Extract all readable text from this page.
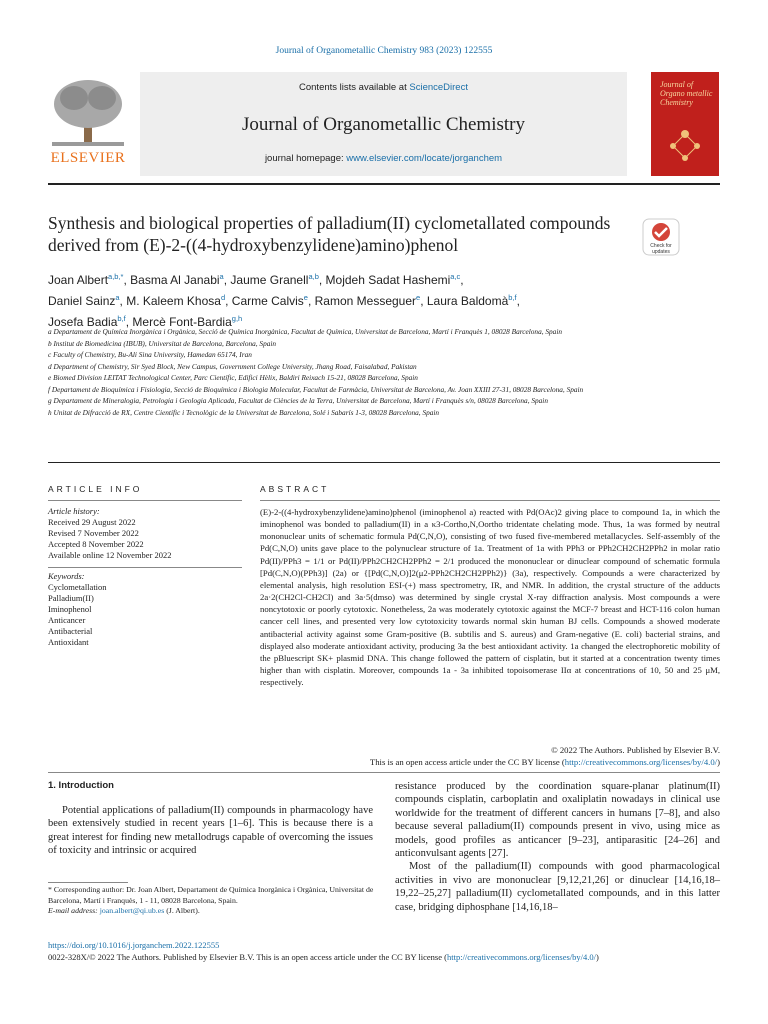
Journal of Organometallic Chemistry 983 (2023) 122555
ELSEVIER
Contents lists available at ScienceDirect
Journal of Organometallic Chemistry
journal homepage: www.elsevier.com/locate/jorganchem
Journal of Organo metallic Chemistry
Synthesis and biological properties of palladium(II) cyclometallated compounds derived from (E)-2-((4-hydroxybenzylidene)amino)phenol	Check for updates
Joan Albert$^{a,b,*}$, Basma Al Janabi$^a$, Jaume Granell$^{a,b}$, Mojdeh Sadat Hashemi$^{a,c}$,
Daniel Sainz$^a$, M. Kaleem Khosa$^d$, Carme Calvis$^e$, Ramon Messeguer$^e$, Laura Baldomà$^{b,f}$,
Josefa Badia$^{b,f}$, Mercè Font-Bardia$^{g,h}$
a Departament de Química Inorgànica i Orgànica, Secció de Química Inorgànica, Facultat de Química, Universitat de Barcelona, Martí i Franquès 1, 08028 Barcelona, Spain
b Institut de Biomedicina (IBUB), Universitat de Barcelona, Barcelona, Spain
c Faculty of Chemistry, Bu-Ali Sina University, Hamedan 65174, Iran
d Department of Chemistry, Sir Syed Block, New Campus, Government College University, Jhang Road, Faisalabad, Pakistan
e Biomed Division LEITAT Technological Center, Parc Científic, Edifici Hèlix, Baldiri Reixach 15-21, 08028 Barcelona, Spain
f Departament de Bioquímica i Fisiologia, Secció de Bioquímica i Biologia Molecular, Facultat de Farmàcia, Universitat de Barcelona, Av. Joan XXIII 27-31, 08028 Barcelona, Spain
g Departament de Mineralogia, Petrologia i Geologia Aplicada, Facultat de Ciències de la Terra, Universitat de Barcelona, Martí i Franquès s/n, 08028 Barcelona, Spain
h Unitat de Difracció de RX, Centre Científic i Tecnològic de la Universitat de Barcelona, Solé i Sabarís 1-3, 08028 Barcelona, Spain
ARTICLE INFO	ABSTRACT
Article history:
Received 29 August 2022
Revised 7 November 2022
Accepted 8 November 2022
Available online 12 November 2022
Keywords:
Cyclometallation
Palladium(II)
Iminophenol
Anticancer
Antibacterial
Antioxidant
(E)-2-((4-hydroxybenzylidene)amino)phenol (iminophenol a) reacted with Pd(OAc)2 giving place to compound 1a, in which the iminophenol was bonded to palladium(II) in a κ3-Cortho,N,Oortho tridentate chelating mode. Thus, 1a was formed by neutral mononuclear units of schematic formula Pd(C,N,O), consisting of two fused five-membered metallacycles. Self-assembly of the Pd(C,N,O) units gave place to the polynuclear structure of 1a. Treatment of 1a with PPh3 or PPh2CH2CH2PPh2 in molar ratio Pd(II)/PPh3 = 1/1 or Pd(II)/PPh2CH2CH2PPh2 = 2/1 produced the mononuclear or dinuclear compound of schematic formula [Pd(C,N,O)(PPh3)] (2a) or {[Pd(C,N,O)]2(μ2-PPh2CH2CH2PPh2)} (3a), respectively. Compounds a were characterized by elemental analysis, high resolution ESI-(+) mass spectrometry, IR, and NMR. In addition, the crystal structure of the adducts 2a·2(CH2Cl-CH2Cl) and 3a·5(dmso) was determined by single crystal X-ray diffraction analysis. Most compounds a were noncytotoxic or poorly cytotoxic. Nonetheless, 2a was moderately cytotoxic against the MCF-7 breast and HCT-116 colon human cancer cell lines, and presented very low cytotoxicity towards normal skin human BJ cells. Compounds a showed moderate antibacterial activity against some Gram-positive (B. subtilis and S. aureus) and Gram-negative (E. coli) bacterial strains, and displayed also moderate antioxidant activity, producing 3a the best antioxidant activity. 1a changed the electrophoretic mobility of the pBluescript SK+ plasmid DNA. This change followed the pattern of cisplatin, but it started at a concentration twenty times higher than with cisplatin. Moreover, compounds 1a - 3a inhibited topoisomerase IIα at concentrations of 10, 50 and 25 μM, respectively.
© 2022 The Authors. Published by Elsevier B.V.
This is an open access article under the CC BY license (http://creativecommons.org/licenses/by/4.0/)
1. Introduction
Potential applications of palladium(II) compounds in pharmacology have been extensively studied in recent years [1–6]. This is because there is a great interest for finding new metallodrugs capable of overcoming the issues of toxicity and intrinsic or acquired

resistance produced by the coordination square-planar platinum(II) compounds cisplatin, carboplatin and oxaliplatin nowadays in clinical use worldwide for the treatment of different cancers in humans [7–8], and also because several palladium(II) compounds present in vivo, using mice as models, good profiles as anticancer [9–23], antiparasitic [24–26] and anticonvulsant agents [27].

Most of the palladium(II) compounds with good pharmacological activities in vivo are mononuclear [9,12,21,26] or dinuclear [14,16,18–19,22–25,27] palladium(II) cyclometallated compounds, and in this latter case, bridging diphosphane [14,16,18–

* Corresponding author: Dr. Joan Albert, Departament de Química Inorgànica i Orgànica, Universitat de Barcelona, Martí i Franquès, 1 - 11, 08028 Barcelona, Spain.
E-mail address: joan.albert@qi.ub.es (J. Albert).
https://doi.org/10.1016/j.jorganchem.2022.122555
0022-328X/© 2022 The Authors. Published by Elsevier B.V. This is an open access article under the CC BY license (http://creativecommons.org/licenses/by/4.0/)
